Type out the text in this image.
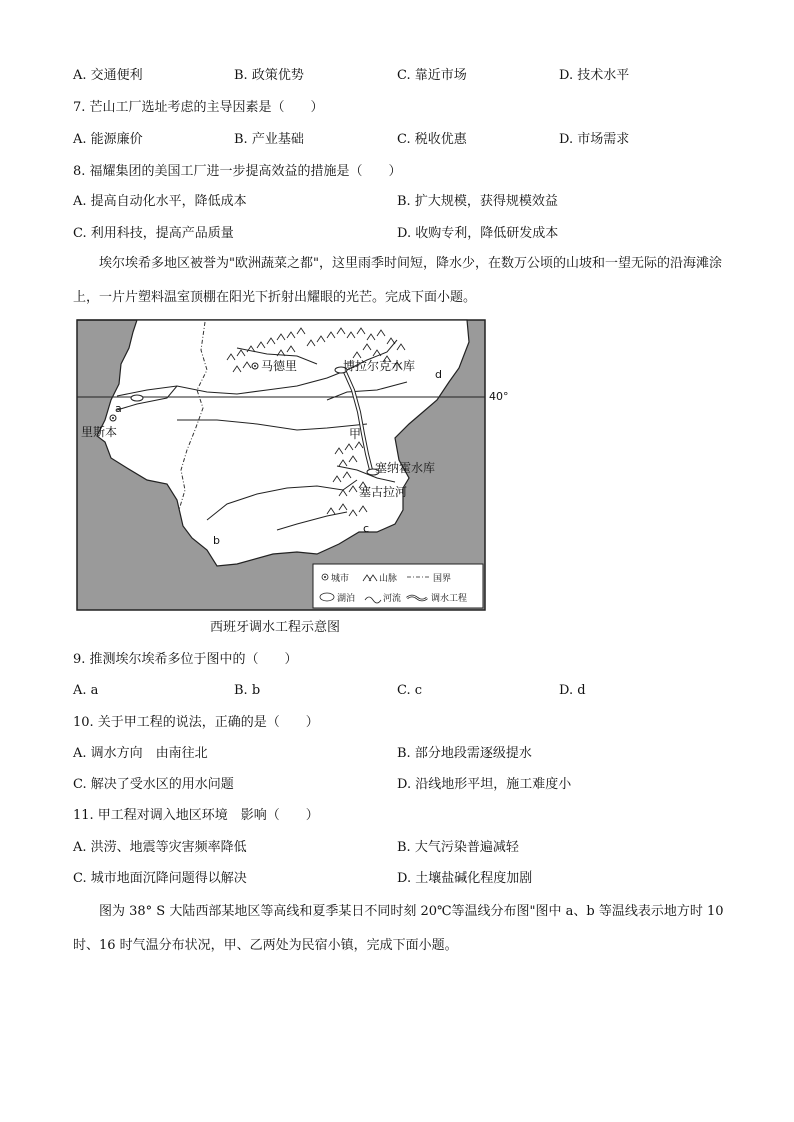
A. 交通便利	B. 政策优势	C. 靠近市场	D. 技术水平
7. 芒山工厂选址考虑的主导因素是（　　）
A. 能源廉价	B. 产业基础	C. 税收优惠	D. 市场需求
8. 福耀集团的美国工厂进一步提高效益的措施是（　　）
A. 提高自动化水平，降低成本	B. 扩大规模，获得规模效益
C. 利用科技，提高产品质量	D. 收购专利，降低研发成本
埃尔埃希多地区被誉为"欧洲蔬菜之都"，这里雨季时间短，降水少，在数万公顷的山坡和一望无际的沿海滩涂上，一片片塑料温室顶棚在阳光下折射出耀眼的光芒。完成下面小题。
40°
马德里	博拉尔克水库
里斯本	甲
塞纳霍水库
塞古拉河
a
b
c
d
城市	山脉	国界
湖泊	河流	调水工程
西班牙调水工程示意图
9. 推测埃尔埃希多位于图中的（　　）
A. a	B. b	C. c	D. d
10. 关于甲工程的说法，正确的是（　　）
A. 调水方向　由南往北	B. 部分地段需逐级提水
C. 解决了受水区的用水问题	D. 沿线地形平坦，施工难度小
11. 甲工程对调入地区环境　影响（　　）
A. 洪涝、地震等灾害频率降低	B. 大气污染普遍减轻
C. 城市地面沉降问题得以解决	D. 土壤盐碱化程度加剧
图为 38° S 大陆西部某地区等高线和夏季某日不同时刻 20℃等温线分布图"图中 a、b 等温线表示地方时 10 时、16 时气温分布状况，甲、乙两处为民宿小镇，完成下面小题。
